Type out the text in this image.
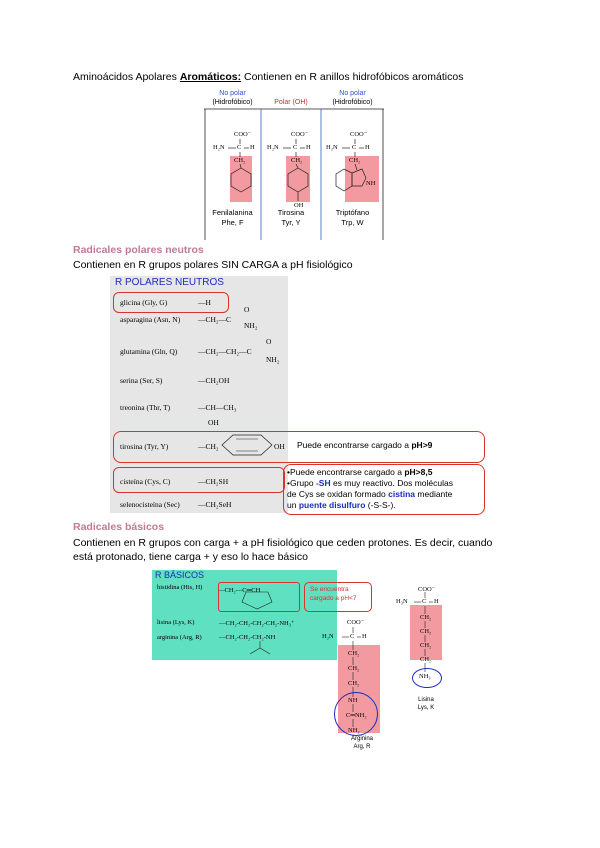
Aminoácidos Apolares Aromáticos: Contienen en R anillos hidrofóbicos aromáticos
No polar
(Hidrofóbico)	Polar (OH)
No polar
(Hidrofóbico)
COO⁻
H₂N C H
CH₂
COO⁻
H₂N C H
CH₂
OH
COO⁻
H₂N C H
CH₂
NH
Fenilalanina
Phe, F
Tirosina
Tyr, Y
Triptófano
Trp, W
Radicales polares neutros
Contienen en R grupos polares SIN CARGA a pH fisiológico
R POLARES NEUTROS
glicina (Gly, G)	—H
asparagina (Asn, N) —CH₂—C
O
NH₂
glutamina (Gln, Q)	—CH₂—CH₂—C
O
NH₂
serina (Ser, S)	—CH₂OH
treonina (Thr, T)	—CH—CH₃
OH
tirosina (Tyr, Y)	—CH₂	OH
cisteína (Cys, C)	—CH₂SH
selenocisteína (Sec) —CH₂SeH
Puede encontrarse cargado a pH>9
•Puede encontrarse cargado a pH>8,5
•Grupo -SH es muy reactivo. Dos moléculas
de Cys se oxidan formado cistina mediante
un puente disulfuro (-S-S-).
Radicales básicos
Contienen en R grupos con carga + a pH fisiológico que ceden protones. Es decir, cuando
está protonado, tiene carga + y eso lo hace básico
R BÁSICOS
histidina (His, H) —CH₂—C═CH
lisina (Lys, K)	—CH₂-CH₂-CH₂-CH₂-NH₃⁺
arginina (Arg, R)	—CH₂-CH₂-CH₂-NH
Se encuentra
cargado a pH<7
COO⁻
H₂N	C H
CH₂
CH₂
CH₂
NH
C═NH₂
NH₂
Arginina
Arg, R
COO⁻
H₃N C H
CH₂
CH₂
CH₂
CH₂
NH₃
Lisina
Lys, K
